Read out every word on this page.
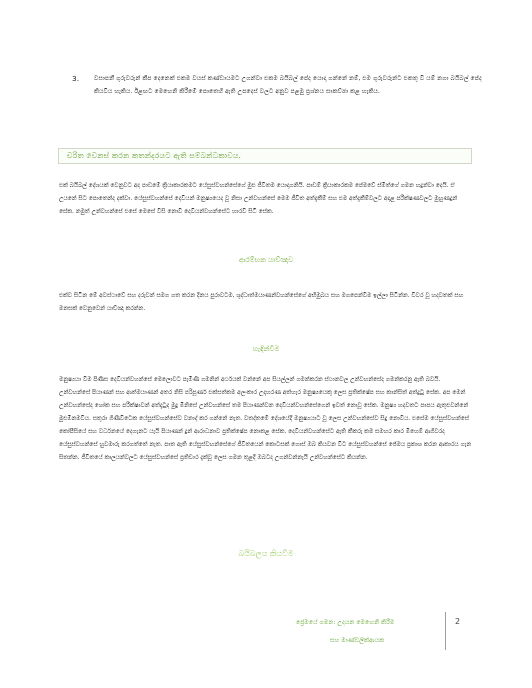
3.	වසාපනී ගුරුවරුන් කීප දෙනෙක් එකම වයස් කණ්ඩායමට උගන්වා එකම බයිබල් පේද යොදා ගන්නේ නම්, එම ගුරුවරුන්ට එකතු වී යම් නගා බයිබල් පේද කියවිය හැකිය. ඊළඟට මෙහෙනි කිරීමේ පොතෙහි ඇති උපදෙස් වලට අනුව පළමු ප්‍රශ්නය සාකච්ඡා කළ හැකිය.
චරිත වෙනස් කරන කතන්දරයට ඇති සම්බන්ධකාවය.
එක් බයිබල් දේශයක් වෙනුවට අද පාඩමේ ක්‍රියාකාරකමට යේසුස්වහන්සේගේ මුළු ජීවිතම යොදාගනියි. පාඩම් ක්‍රියාකාරකම පේමවේ ස්මිත්ගේ ගමන හදුන්වා දෙයි. ඒ උයනේ සිට පොතෙන්ද දක්වා. යේසුස්වහන්සේ දෙවියන් මනුෂ්‍යයෙද වූ නිසා උන්වහන්සේ මෙම ජීවිත අත්දැකීම් සහ එම අත්දැකීම්වලට අදාළ පරීක්ෂණවලට මුහුණදුන් සේක. නමුත් උන්වහන්සේ එසේ මෙසේ වීසි නොවී දෙවියන්වහන්සේට හාරවී සිටි සේක.
ආරම්භක යාච්ඤාව
එක්ව සිටින මේ අවස්ථාවේ සහ දරුවන් සමග ගත කරන දිනය පුරාවටම, ශුද්ධාත්මයාණන්වහන්සේගේ අභිමුඛය සහ මගපෙන්වීම ඉල්ලා සිටින්න. චිවර වූ හදවතක් සහ මනසක් වෙනුවෙන් යාච්ඤා කරන්න.
හැඳින්වීම
මනුෂ්‍යයා වීම පිණිස දෙවියන්වහන්සේ මෙලොවට පැමිණී ගමනින් අර්ථයක් වන්නේ අප සියල්ලන් ගමන්කරන ස්ථානවල උන්වහන්සේද ගමන්කරනු ඇති බවයි. උන්වහන්සේ පියාණන් සහ ආත්මයාණන් අතර නිසි පරිපූර්ණ එක්සත්කම අලංකාර උදාහරණ අත්හැර මනුෂ්‍යයෙකු ලෙස ප්‍රතික්ෂේප සහ කාන්සිත් අත්දුටු සේක. අප මෙන් උන්වහන්සේද ශෝක සහ පරීක්ෂාවන් අත්දැටුද මුදු මිනිසේ උන්වහන්සේ තම පියාණන්වන දෙවියන්වහන්සේගෙන් ඉවත් නොවූ සේක. මනුෂ්‍ය හදවතට පාපය ඇතුළුවන්නේ මුළුමිනමවිය. සතුරා ගිණීවිටෙක යේසුස්වහන්සේව වනාද් කර ගන්නේ නැත. වතද්තමේ දේශයේදී මනුෂ්‍යයාට වූ ලෙස උන්වහන්සේව සිදු නොවීය. එසේම යේසුස්වහන්සේ කෝපීසියේ සහ වර්ධනයේ දෙගැනට යැයි පියාණන් දුන් ආරාධනාව ප්‍රතික්ෂේප නොකළ සේක. දෙවියන්වහන්සේට ඇති කීකරු කම සමහර කාර මිහෙම් ආගිවරද යේසුස්වහන්සේ හුවමාරු කරගත්තේ නැත. පාත ඇති යේසුස්වහන්සේගේ ජීවිතයෙන් කොටසක් ගොස් ඔබ කියවන විට යේසුස්වහන්සේ ජේමය ප්‍රකාශ කරන ආකාරය ගැන සිතන්න. ජීවිතයේ කාලයන්වලට යේසුස්වහන්සේ ප්‍රතිචාර දැක්වූ ලෙස ගමන තුළදී ඔබටද උගන්වන්නැයි උන්වහන්සේට කියන්න.
බයිබලය කියවීම
ප්‍රේමයේ ගමන: උදයන මෙහෙනි කිරීම
සහ මාණ්ඩලික්ආයක
2
